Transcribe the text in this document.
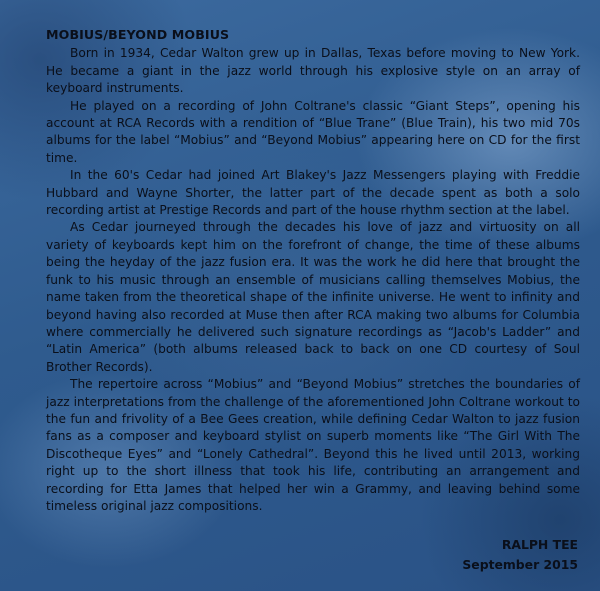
MOBIUS/BEYOND MOBIUS

Born in 1934, Cedar Walton grew up in Dallas, Texas before moving to New York. He became a giant in the jazz world through his explosive style on an array of keyboard instruments.

He played on a recording of John Coltrane's classic “Giant Steps”, opening his account at RCA Records with a rendition of “Blue Trane” (Blue Train), his two mid 70s albums for the label “Mobius” and “Beyond Mobius” appearing here on CD for the first time.

In the 60's Cedar had joined Art Blakey's Jazz Messengers playing with Freddie Hubbard and Wayne Shorter, the latter part of the decade spent as both a solo recording artist at Prestige Records and part of the house rhythm section at the label.

As Cedar journeyed through the decades his love of jazz and virtuosity on all variety of keyboards kept him on the forefront of change, the time of these albums being the heyday of the jazz fusion era. It was the work he did here that brought the funk to his music through an ensemble of musicians calling themselves Mobius, the name taken from the theoretical shape of the infinite universe. He went to infinity and beyond having also recorded at Muse then after RCA making two albums for Columbia where commercially he delivered such signature recordings as “Jacob's Ladder” and “Latin America” (both albums released back to back on one CD courtesy of Soul Brother Records).

The repertoire across “Mobius” and “Beyond Mobius” stretches the boundaries of jazz interpretations from the challenge of the aforementioned John Coltrane workout to the fun and frivolity of a Bee Gees creation, while defining Cedar Walton to jazz fusion fans as a composer and keyboard stylist on superb moments like “The Girl With The Discotheque Eyes” and “Lonely Cathedral”. Beyond this he lived until 2013, working right up to the short illness that took his life, contributing an arrangement and recording for Etta James that helped her win a Grammy, and leaving behind some timeless original jazz compositions.

RALPH TEE
September 2015
